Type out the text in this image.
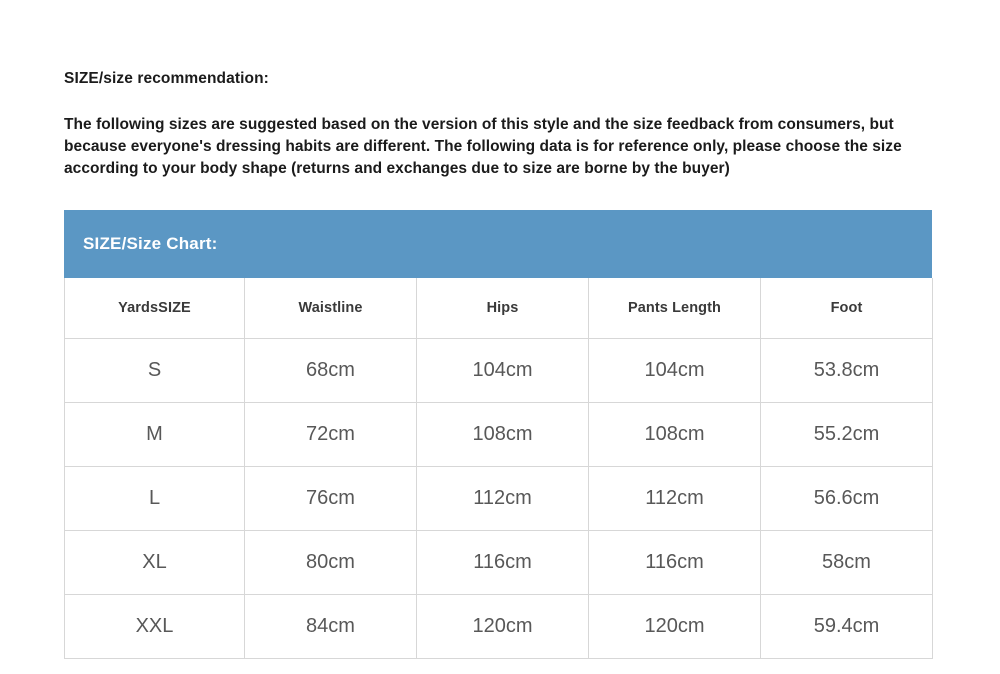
SIZE/size recommendation:
The following sizes are suggested based on the version of this style and the size feedback from consumers, but because everyone's dressing habits are different. The following data is for reference only, please choose the size according to your body shape (returns and exchanges due to size are borne by the buyer)
SIZE/Size Chart:
YardsSIZE	Waistline	Hips	Pants Length	Foot
S	68cm	104cm	104cm	53.8cm
M	72cm	108cm	108cm	55.2cm
L	76cm	112cm	112cm	56.6cm
XL	80cm	116cm	116cm	58cm
XXL	84cm	120cm	120cm	59.4cm
